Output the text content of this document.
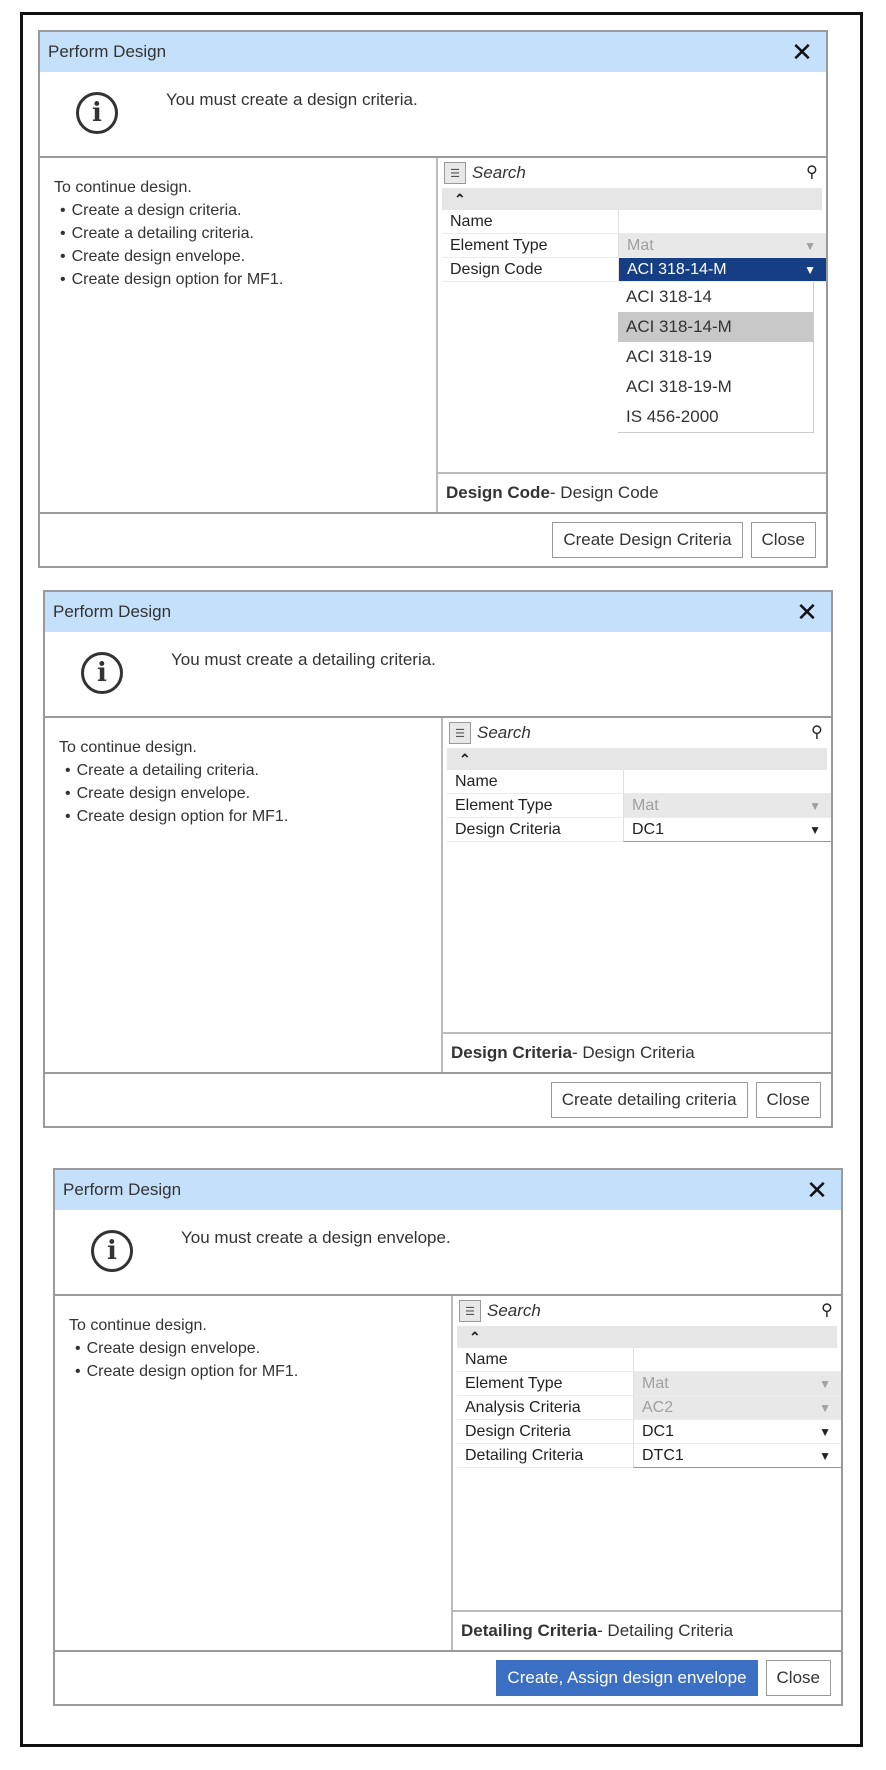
Perform Design	✕
i	You must create a design criteria.
To continue design.
• Create a design criteria.
• Create a detailing criteria.
• Create design envelope.
• Create design option for MF1.
☰
Search	⚲
⌃
Name
Element Type	Mat	▼
Design Code	ACI 318-14-M	▼
ACI 318-14
ACI 318-14-M
ACI 318-19
ACI 318-19-M
IS 456-2000
Design Code - Design Code
Create Design Criteria	Close
Perform Design	✕
i	You must create a detailing criteria.
To continue design.
• Create a detailing criteria.
• Create design envelope.
• Create design option for MF1.
☰
Search	⚲
⌃
Name
Element Type	Mat	▼
Design Criteria	DC1	▼
Design Criteria - Design Criteria
Create detailing criteria	Close
Perform Design	✕
i	You must create a design envelope.
To continue design.
• Create design envelope.
• Create design option for MF1.
☰
Search	⚲
⌃
Name
Element Type	Mat	▼
Analysis Criteria	AC2	▼
Design Criteria	DC1	▼
Detailing Criteria	DTC1	▼
Detailing Criteria - Detailing Criteria
Create, Assign design envelope	Close
